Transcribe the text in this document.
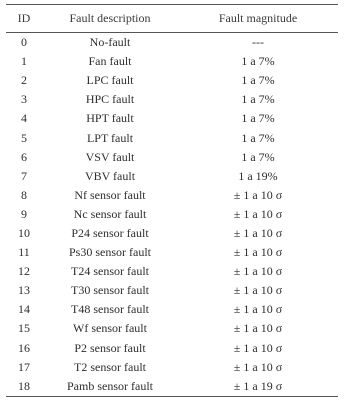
ID	Fault description	Fault magnitude
0	No-fault	---
1	Fan fault	1 a 7%
2	LPC fault	1 a 7%
3	HPC fault	1 a 7%
4	HPT fault	1 a 7%
5	LPT fault	1 a 7%
6	VSV fault	1 a 7%
7	VBV fault	1 a 19%
8	Nf sensor fault	± 1 a 10 σ
9	Nc sensor fault	± 1 a 10 σ
10	P24 sensor fault	± 1 a 10 σ
11	Ps30 sensor fault	± 1 a 10 σ
12	T24 sensor fault	± 1 a 10 σ
13	T30 sensor fault	± 1 a 10 σ
14	T48 sensor fault	± 1 a 10 σ
15	Wf sensor fault	± 1 a 10 σ
16	P2 sensor fault	± 1 a 10 σ
17	T2 sensor fault	± 1 a 10 σ
18	Pamb sensor fault	± 1 a 19 σ
